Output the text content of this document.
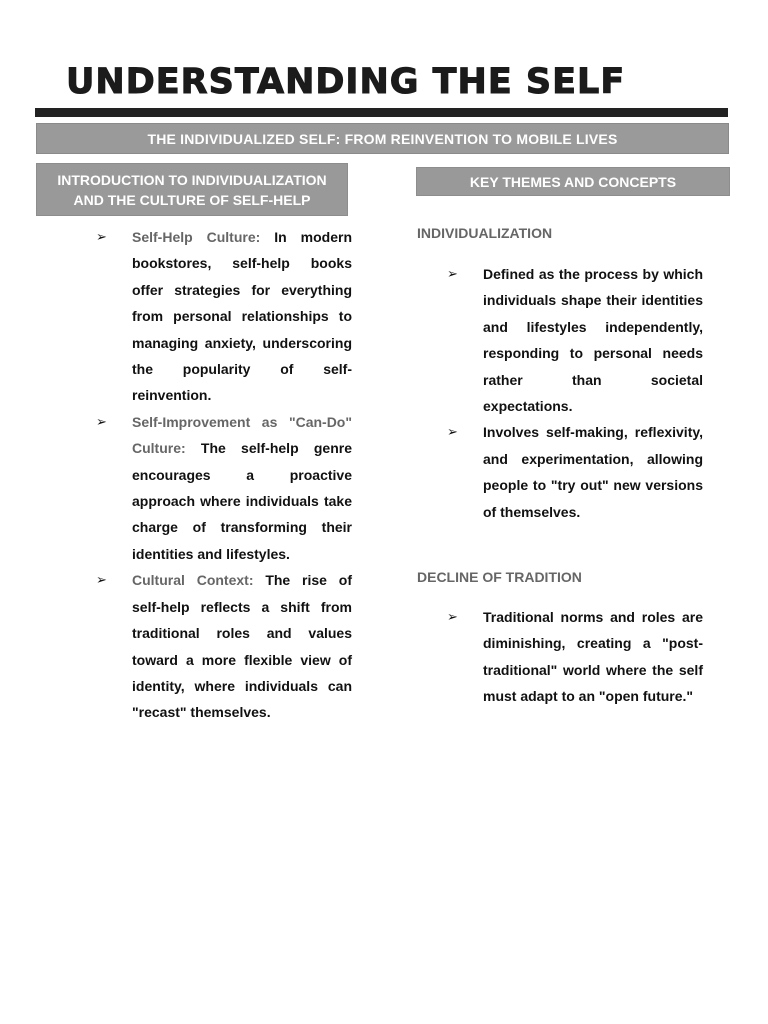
UNDERSTANDING THE SELF
THE INDIVIDUALIZED SELF: FROM REINVENTION TO MOBILE LIVES
INTRODUCTION TO INDIVIDUALIZATION
AND THE CULTURE OF SELF-HELP
➢ Self-Help Culture: In modern bookstores, self-help books offer strategies for everything from personal relationships to managing anxiety, underscoring the popularity of self-reinvention.
➢ Self-Improvement as "Can-Do" Culture: The self-help genre encourages a proactive approach where individuals take charge of transforming their identities and lifestyles.
➢ Cultural Context: The rise of self-help reflects a shift from traditional roles and values toward a more flexible view of identity, where individuals can "recast" themselves.
KEY THEMES AND CONCEPTS
INDIVIDUALIZATION
➢ Defined as the process by which individuals shape their identities and lifestyles independently, responding to personal needs rather than societal expectations.
➢ Involves self-making, reflexivity, and experimentation, allowing people to "try out" new versions of themselves.
DECLINE OF TRADITION
➢ Traditional norms and roles are diminishing, creating a "post-traditional" world where the self must adapt to an "open future."
